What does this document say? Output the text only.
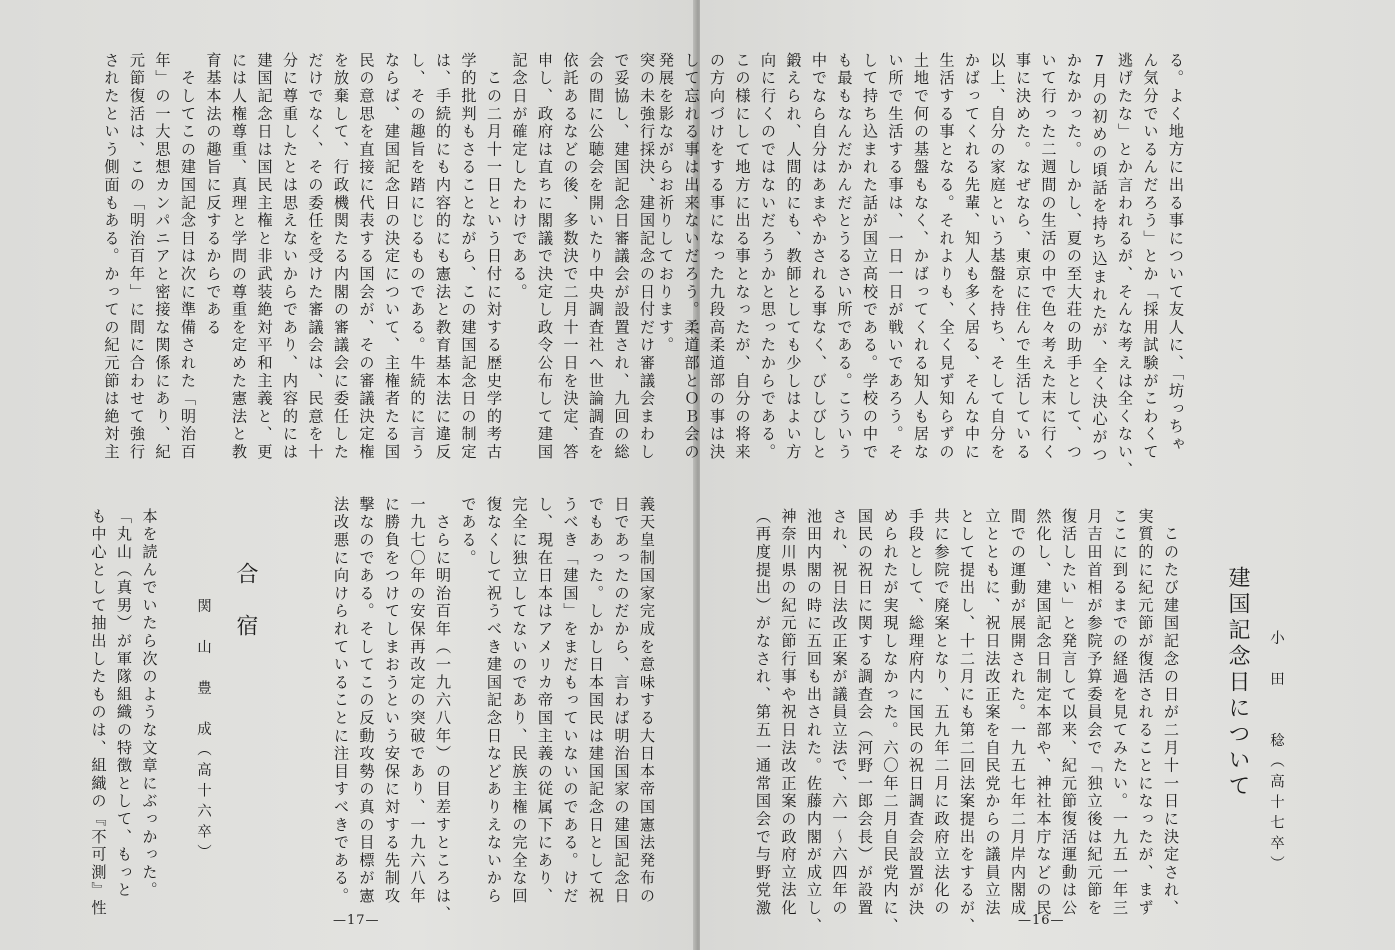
突の未強行採決、建国記念の日付だけ審議会まわし
で妥協し、建国記念日審議会が設置され、九回の総
会の間に公聴会を開いたり中央調査社へ世論調査を
依託あるなどの後、多数決で二月十一日を決定、答
申し、政府は直ちに閣議で決定し政令公布して建国
記念日が確定したわけである。
　この二月十一日という日付に対する歴史学的考古
学的批判もさることながら、この建国記念日の制定
は、手続的にも内容的にも憲法と教育基本法に違反
し、その趣旨を踏にじるものである。牛続的に言う
ならば、建国記念日の決定について、主権者たる国
民の意思を直接に代表する国会が、その審議決定権
を放棄して、行政機関たる内閣の審議会に委任した
だけでなく、その委任を受けた審議会は、民意を十
分に尊重したとは思えないからであり、内容的には
建国記念日は国民主権と非武装絶対平和主義と、更
には人権尊重、真理と学問の尊重を定めた憲法と教
育基本法の趣旨に反するからである
　そしてこの建国記念日は次に準備された「明治百
年」の一大思想カンパニアと密接な関係にあり、紀
元節復活は、この「明治百年」に間に合わせて強行
されたという側面もある。かっての紀元節は絶対主
義天皇制国家完成を意味する大日本帝国憲法発布の
日であったのだから、言わば明治国家の建国記念日
でもあった。しかし日本国民は建国記念日として祝
うべき「建国」をまだもっていないのである。けだ
し、現在日本はアメリカ帝国主義の従属下にあり、
完全に独立してないのであり、民族主権の完全な回
復なくして祝うべき建国記念日などありえないから
である。
　さらに明治百年（一九六八年）の目差すところは、
一九七〇年の安保再改定の突破であり、一九六八年
に勝負をつけてしまおうという安保に対する先制攻
撃なのである。そしてこの反動攻勢の真の目標が憲
法改悪に向けられていることに注目すべきである。
合　宿
関　山　豊　成（高十六卒）
本を読んでいたら次のような文章にぶっかった。
「丸山（真男）が軍隊組織の特徴として、もっと
も中心として抽出したものは、組織の『不可測』性
—17—
る。よく地方に出る事について友人に、「坊っちゃ
ん気分でいるんだろう」とか「採用試験がこわくて
逃げたな」とか言われるが、そんな考えは全くない、
7月の初めの頃話を持ち込まれたが、全く決心がつ
かなかった。しかし、夏の至大荘の助手として、つ
いて行った二週間の生活の中で色々考えた末に行く
事に決めた。なぜなら、東京に住んで生活している
以上、自分の家庭という基盤を持ち、そして自分を
かばってくれる先輩、知人も多く居る、そんな中に
生活する事となる。それよりも、全く見ず知らずの
土地で何の基盤もなく、かばってくれる知人も居な
い所で生活する事は、一日一日が戦いであろう。そ
して持ち込まれた話が国立高校である。学校の中で
も最もなんだかんだとうるさい所である。こういう
中でなら自分はあまやかされる事なく、びしびしと
鍛えられ、人間的にも、教師としても少しはよい方
向に行くのではないだろうかと思ったからである。
この様にして地方に出る事となったが、自分の将来
の方向づけをする事になった九段高柔道部の事は決
して忘れる事は出来ないだろう。柔道部とＯＢ会の
発展を影ながらお祈りしております。
建国記念日について 小　田　　稔（高十七卒）
　このたび建国記念の日が二月十一日に決定され、
実質的に紀元節が復活されることになったが、まず
ここに到るまでの経過を見てみたい。一九五一年三
月吉田首相が参院予算委員会で「独立後は紀元節を
復活したい」と発言して以来、紀元節復活運動は公
然化し、建国記念日制定本部や、神社本庁などの民
間での運動が展開された。一九五七年二月岸内閣成
立とともに、祝日法改正案を自民党からの議員立法
として提出し、十二月にも第二回法案提出をするが、
共に参院で廃案となり、五九年二月に政府立法化の
手段として、総理府内に国民の祝日調査会設置が決
められたが実現しなかった。六〇年二月自民党内に、
国民の祝日に関する調査会（河野一郎会長）が設置
され、祝日法改正案が議員立法で、六一〜六四年の
池田内閣の時に五回も出された。佐藤内閣が成立し、
神奈川県の紀元節行事や祝日法改正案の政府立法化
（再度提出）がなされ、第五一通常国会で与野党激
—16—
